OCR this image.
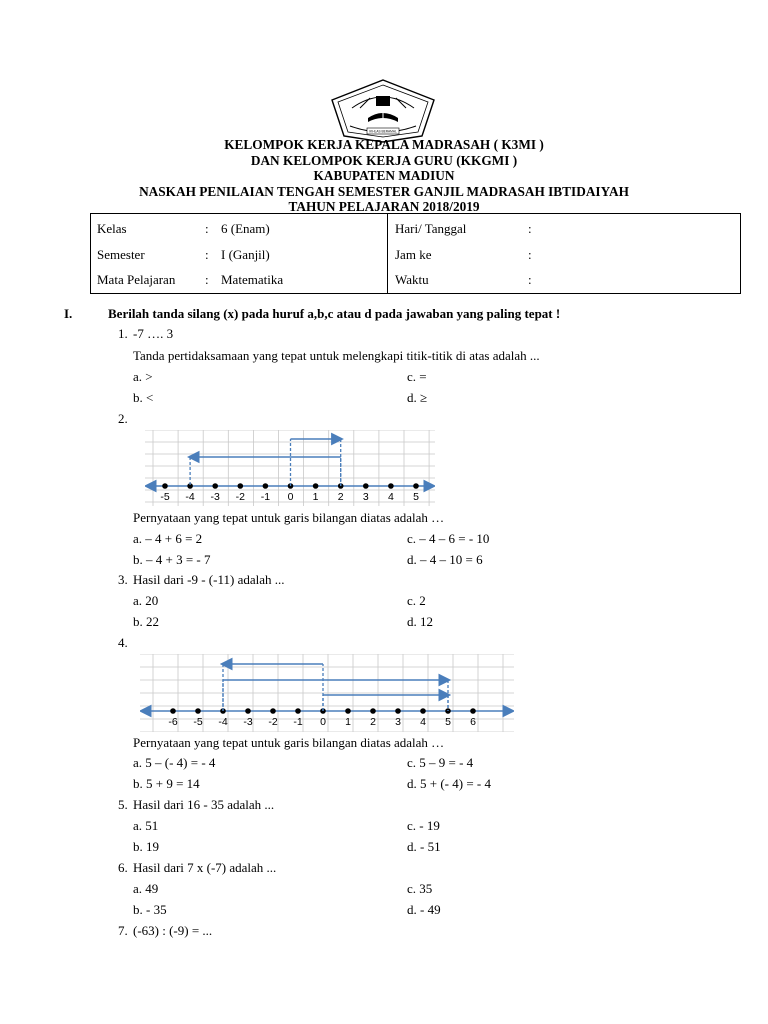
IKHLAS BERAMAL
KELOMPOK KERJA KEPALA MADRASAH ( K3MI )
DAN KELOMPOK KERJA GURU (KKGMI )
KABUPATEN MADIUN
NASKAH PENILAIAN TENGAH SEMESTER GANJIL MADRASAH IBTIDAIYAH
TAHUN PELAJARAN 2018/2019
Kelas	: 6 (Enam)
Semester	: I (Ganjil)
Mata Pelajaran : Matematika

Hari/ Tanggal	:
Jam ke	:
Waktu	:
I.	Berilah tanda silang (x) pada huruf a,b,c atau d pada jawaban yang paling tepat !
1. -7 …. 3
Tanda pertidaksamaan yang tepat untuk melengkapi titik-titik di atas adalah ...
a. >	c. =
b. <	d. ≥
2.
-5 -4 -3 -2 -1 0 1 2 3 4 5
Pernyataan yang tepat untuk garis bilangan diatas adalah …
a. – 4 + 6 = 2	c. – 4 – 6 = - 10
b. – 4 + 3 = - 7	d. – 4 – 10 = 6
3. Hasil dari -9 - (-11) adalah ...
a. 20	c. 2
b. 22	d. 12
4.
-6 -5 -4 -3 -2 -1 0 1 2 3 4 5 6
Pernyataan yang tepat untuk garis bilangan diatas adalah …
a. 5 – (- 4) = - 4	c. 5 – 9 = - 4
b. 5 + 9 = 14	d. 5 + (- 4) = - 4
5. Hasil dari 16 - 35 adalah ...
a. 51	c. - 19
b. 19	d. - 51
6. Hasil dari 7 x (-7) adalah ...
a. 49	c. 35
b. - 35	d. - 49
7. (-63) : (-9) = ...
